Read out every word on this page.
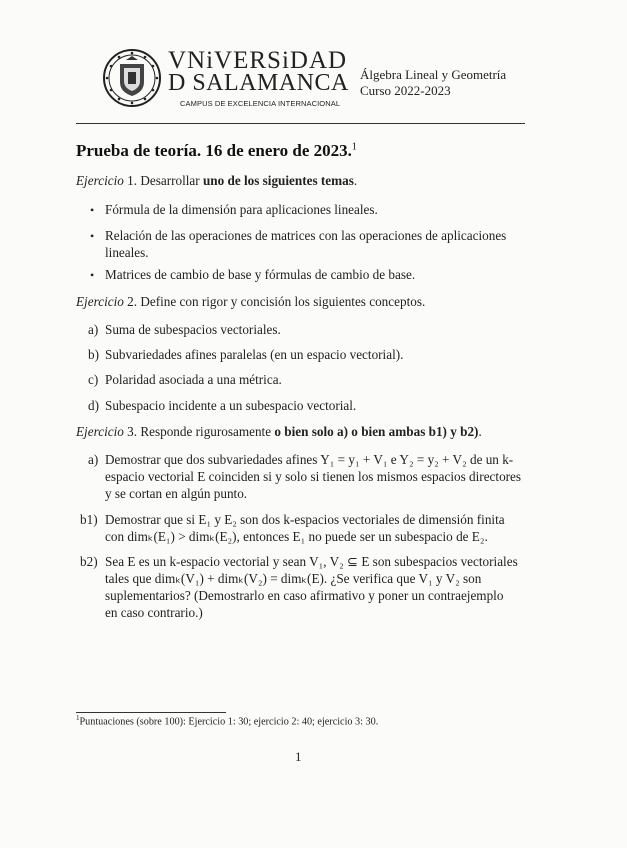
VNiVERSiDAD
D SALAMANCA
CAMPUS DE EXCELENCIA INTERNACIONAL
Álgebra Lineal y Geometría
Curso 2022-2023
Prueba de teoría. 16 de enero de 2023.$^1$
Ejercicio 1. Desarrollar uno de los siguientes temas.
• Fórmula de la dimensión para aplicaciones lineales.
• Relación de las operaciones de matrices con las operaciones de aplicaciones
lineales.
• Matrices de cambio de base y fórmulas de cambio de base.
Ejercicio 2. Define con rigor y concisión los siguientes conceptos.
a) Suma de subespacios vectoriales.
b) Subvariedades afines paralelas (en un espacio vectorial).
c) Polaridad asociada a una métrica.
d) Subespacio incidente a un subespacio vectorial.
Ejercicio 3. Responde rigurosamente o bien solo a) o bien ambas b1) y b2).
a) Demostrar que dos subvariedades afines Y₁ = y₁ + V₁ e Y₂ = y₂ + V₂ de un k-
espacio vectorial E coinciden si y solo si tienen los mismos espacios directores
y se cortan en algún punto.
b1) Demostrar que si E₁ y E₂ son dos k-espacios vectoriales de dimensión finita
con dimₖ(E₁) > dimₖ(E₂), entonces E₁ no puede ser un subespacio de E₂.
b2) Sea E es un k-espacio vectorial y sean V₁, V₂ ⊆ E son subespacios vectoriales
tales que dimₖ(V₁) + dimₖ(V₂) = dimₖ(E). ¿Se verifica que V₁ y V₂ son
suplementarios? (Demostrarlo en caso afirmativo y poner un contraejemplo
en caso contrario.)
$^1$Puntuaciones (sobre 100): Ejercicio 1: 30; ejercicio 2: 40; ejercicio 3: 30.
1
